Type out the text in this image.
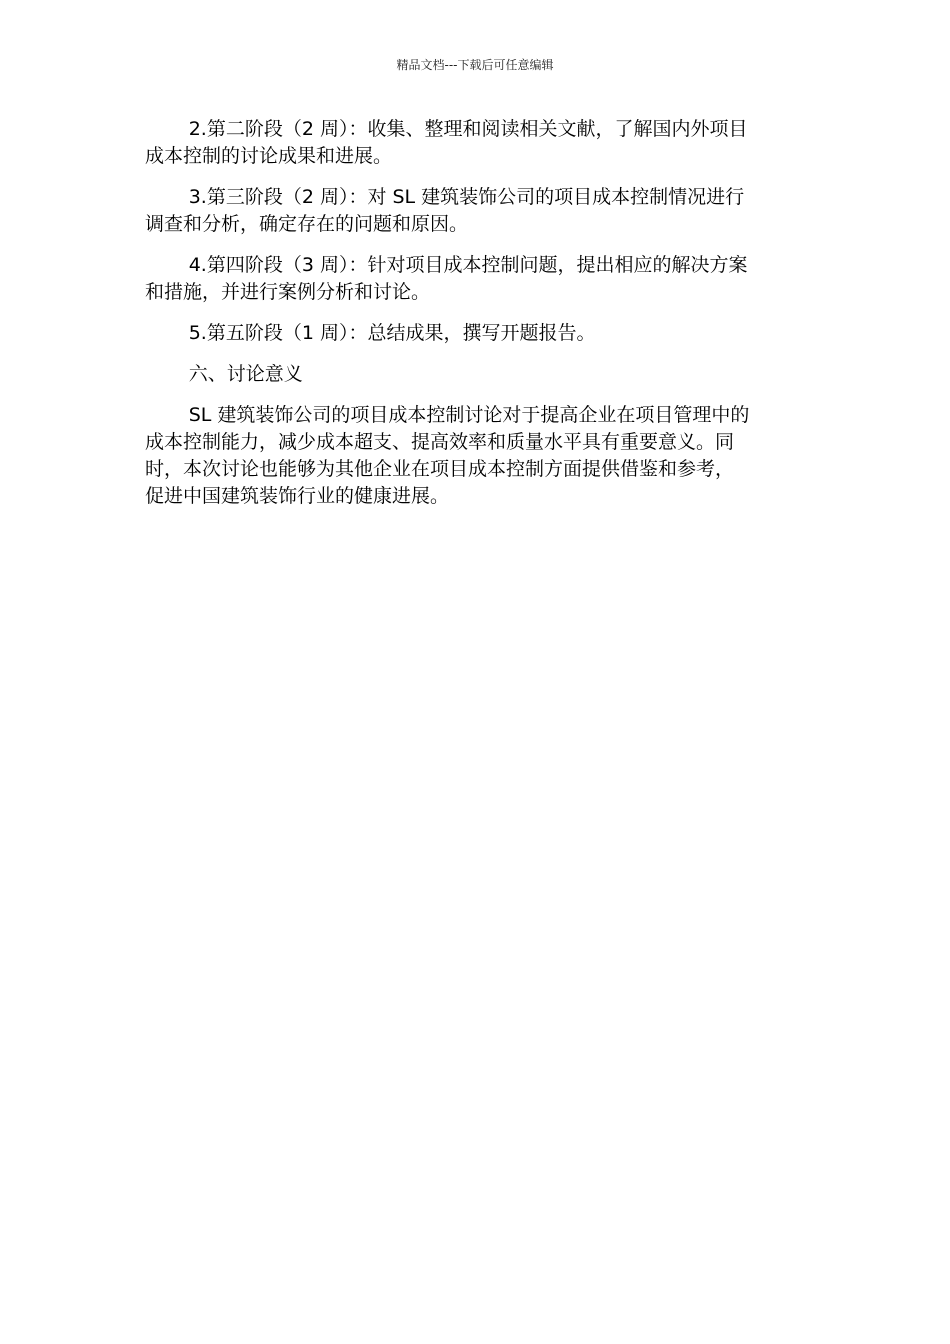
精品文档---下载后可任意编辑

2.第二阶段（2 周）：收集、整理和阅读相关文献，了解国内外项目
成本控制的讨论成果和进展。

3.第三阶段（2 周）：对 SL 建筑装饰公司的项目成本控制情况进行
调查和分析，确定存在的问题和原因。

4.第四阶段（3 周）：针对项目成本控制问题，提出相应的解决方案
和措施，并进行案例分析和讨论。

5.第五阶段（1 周）：总结成果，撰写开题报告。

六、讨论意义

SL 建筑装饰公司的项目成本控制讨论对于提高企业在项目管理中的
成本控制能力，减少成本超支、提高效率和质量水平具有重要意义。同
时，本次讨论也能够为其他企业在项目成本控制方面提供借鉴和参考，
促进中国建筑装饰行业的健康进展。
